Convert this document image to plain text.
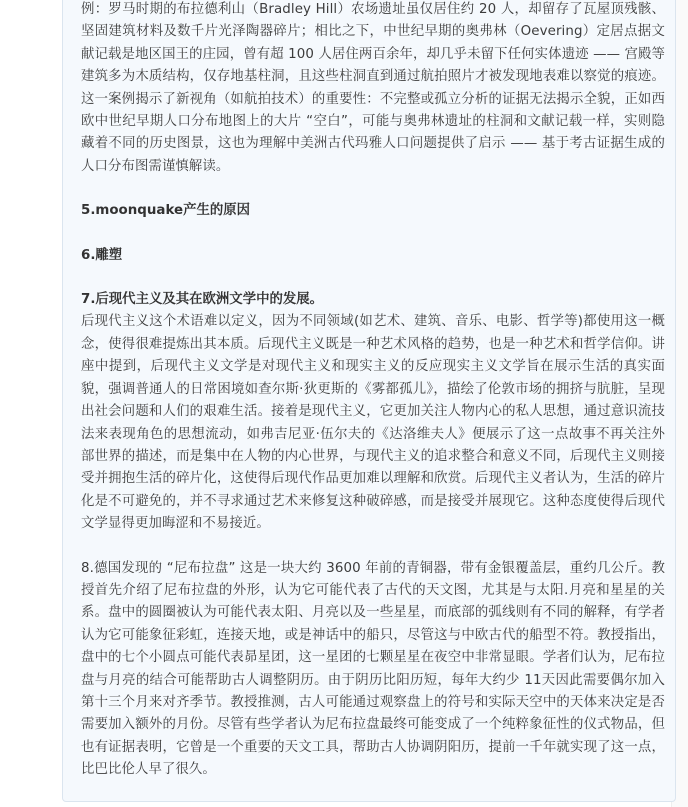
例：罗马时期的布拉德利山（Bradley Hill）农场遗址虽仅居住约 20 人，却留存了瓦屋顶残骸、坚固建筑材料及数千片光泽陶器碎片；相比之下，中世纪早期的奥弗林（Oevering）定居点据文献记载是地区国王的庄园，曾有超 100 人居住两百余年，却几乎未留下任何实体遗迹 —— 宫殿等建筑多为木质结构，仅存地基柱洞，且这些柱洞直到通过航拍照片才被发现地表难以察觉的痕迹。这一案例揭示了新视角（如航拍技术）的重要性：不完整或孤立分析的证据无法揭示全貌，正如西欧中世纪早期人口分布地图上的大片 “空白”，可能与奥弗林遗址的柱洞和文献记载一样，实则隐藏着不同的历史图景，这也为理解中美洲古代玛雅人口问题提供了启示 —— 基于考古证据生成的人口分布图需谨慎解读。

5.moonquake产生的原因

6.雕塑

7.后现代主义及其在欧洲文学中的发展。

后现代主义这个术语难以定义，因为不同领域(如艺术、建筑、音乐、电影、哲学等)都使用这一概念，使得很难提炼出其本质。后现代主义既是一种艺术风格的趋势，也是一种艺术和哲学信仰。讲座中提到，后现代主义文学是对现代主义和现实主义的反应现实主义文学旨在展示生活的真实面貌，强调普通人的日常困境如查尔斯·狄更斯的《雾都孤儿》，描绘了伦敦市场的拥挤与肮脏，呈现出社会问题和人们的艰难生活。接着是现代主义，它更加关注人物内心的私人思想，通过意识流技法来表现角色的思想流动，如弗吉尼亚·伍尔夫的《达洛维夫人》便展示了这一点故事不再关注外部世界的描述，而是集中在人物的内心世界，与现代主义的追求整合和意义不同，后现代主义则接受并拥抱生活的碎片化，这使得后现代作品更加难以理解和欣赏。后现代主义者认为，生活的碎片化是不可避免的，并不寻求通过艺术来修复这种破碎感，而是接受并展现它。这种态度使得后现代文学显得更加晦涩和不易接近。

8.德国发现的 “尼布拉盘” 这是一块大约 3600 年前的青铜器，带有金银覆盖层，重约几公斤。教授首先介绍了尼布拉盘的外形，认为它可能代表了古代的天文图，尤其是与太阳.月亮和星星的关系。盘中的圆圈被认为可能代表太阳、月亮以及一些星星，而底部的弧线则有不同的解释，有学者认为它可能象征彩虹，连接天地，或是神话中的船只，尽管这与中欧古代的船型不符。教授指出，盘中的七个小圆点可能代表昴星团，这一星团的七颗星星在夜空中非常显眼。学者们认为，尼布拉盘与月亮的结合可能帮助古人调整阴历。由于阴历比阳历短，每年大约少 11天因此需要偶尔加入第十三个月来对齐季节。教授推测，古人可能通过观察盘上的符号和实际天空中的天体来决定是否需要加入额外的月份。尽管有些学者认为尼布拉盘最终可能变成了一个纯粹象征性的仪式物品，但也有证据表明，它曾是一个重要的天文工具，帮助古人协调阴阳历，提前一千年就实现了这一点，比巴比伦人早了很久。
